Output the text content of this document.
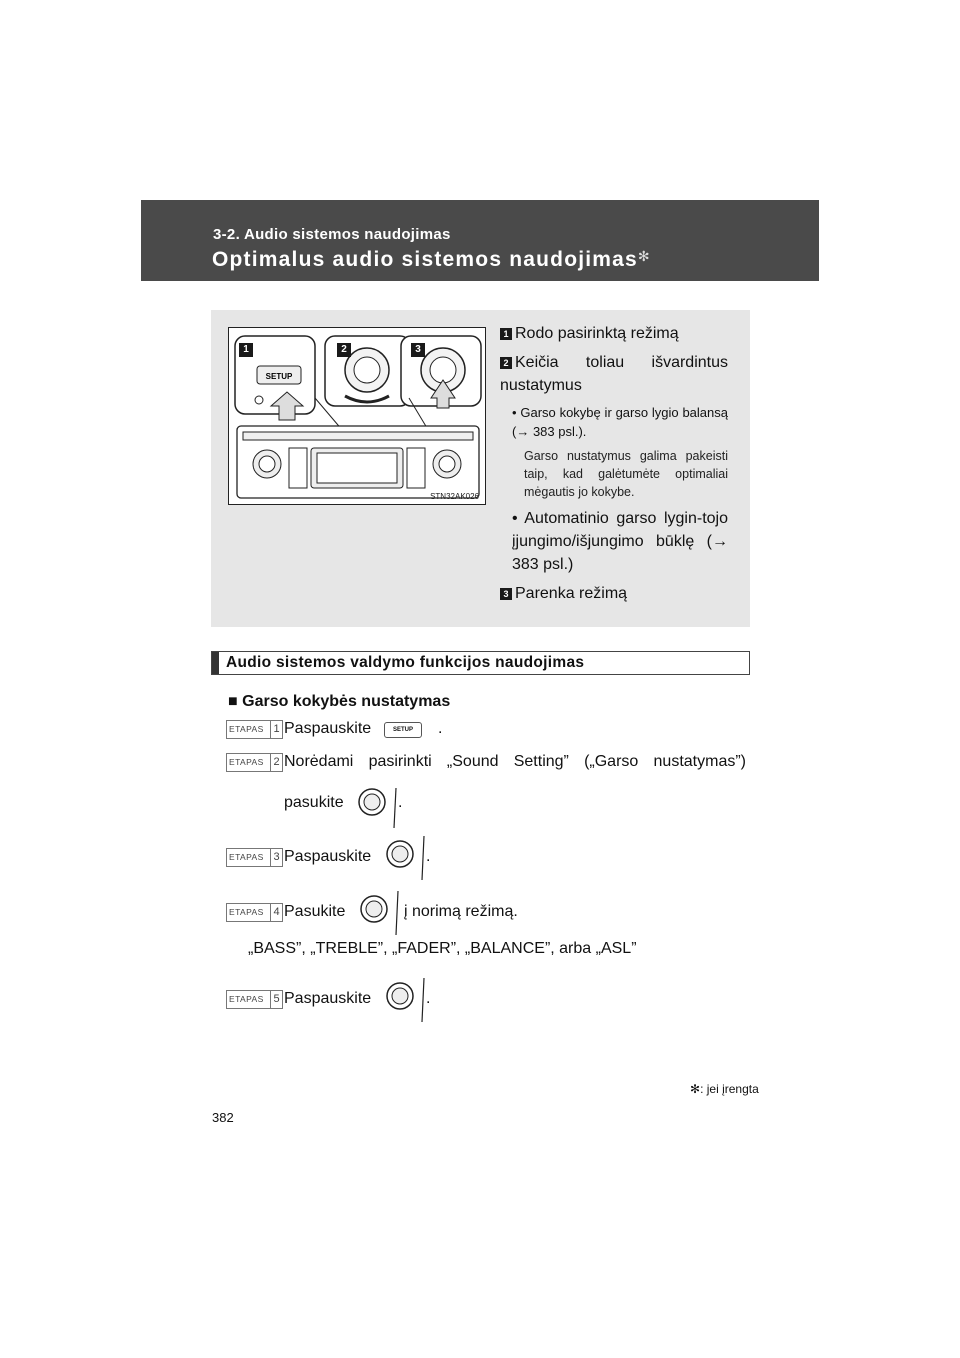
3-2. Audio sistemos naudojimas
Optimalus audio sistemos naudojimas✻
SETUP
1	2	3
STN32AK026
1 Rodo pasirinktą režimą
2 Keičia toliau išvardintus nustatymus
• Garso kokybę ir garso lygio balansą (→ 383 psl.).
Garso nustatymus galima pakeisti taip, kad galėtumėte optimaliai mėgautis jo kokybe.
• Automatinio garso lygin-tojo įjungimo/išjungimo būklę (→ 383 psl.)
3 Parenka režimą
Audio sistemos valdymo funkcijos naudojimas
■ Garso kokybės nustatymas
ETAPAS 1 Paspauskite	SETUP	.
ETAPAS 2 Norėdami pasirinkti „Sound Setting” („Garso nustatymas”)
pasukite	.
ETAPAS 3 Paspauskite	.
ETAPAS 4 Pasukite	į norimą režimą.
„BASS”, „TREBLE”, „FADER”, „BALANCE”, arba „ASL”
ETAPAS 5 Paspauskite	.
✻: jei įrengta
382
